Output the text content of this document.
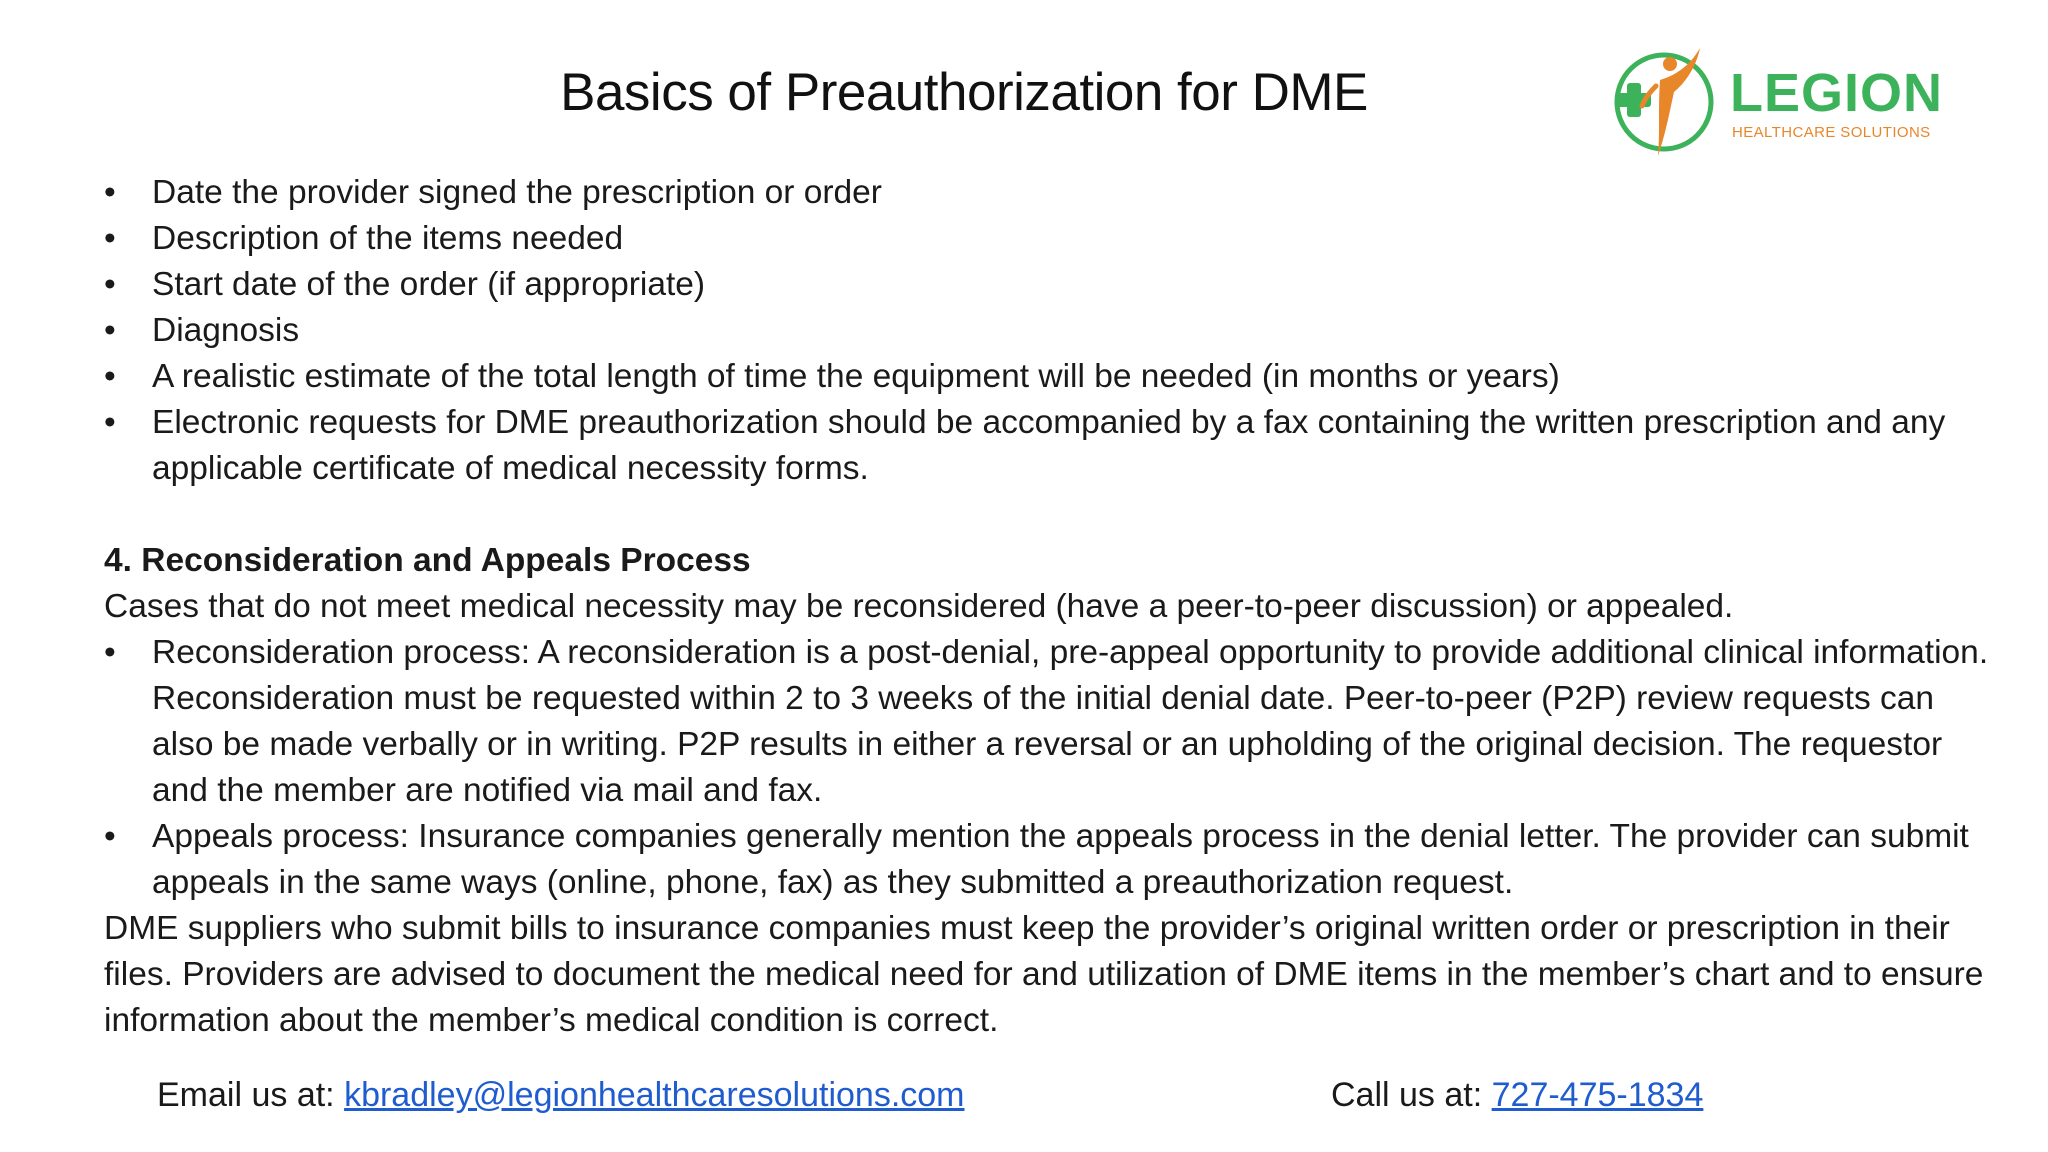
Basics of Preauthorization for DME	LEGION
HEALTHCARE SOLUTIONS
• Date the provider signed the prescription or order
• Description of the items needed
• Start date of the order (if appropriate)
• Diagnosis
• A realistic estimate of the total length of time the equipment will be needed (in months or years)
• Electronic requests for DME preauthorization should be accompanied by a fax containing the written prescription and any applicable certificate of medical necessity forms.
4. Reconsideration and Appeals Process
Cases that do not meet medical necessity may be reconsidered (have a peer-to-peer discussion) or appealed.
• Reconsideration process: A reconsideration is a post-denial, pre-appeal opportunity to provide additional clinical information. Reconsideration must be requested within 2 to 3 weeks of the initial denial date. Peer-to-peer (P2P) review requests can also be made verbally or in writing. P2P results in either a reversal or an upholding of the original decision. The requestor and the member are notified via mail and fax.
• Appeals process: Insurance companies generally mention the appeals process in the denial letter. The provider can submit appeals in the same ways (online, phone, fax) as they submitted a preauthorization request.
DME suppliers who submit bills to insurance companies must keep the provider’s original written order or prescription in their files. Providers are advised to document the medical need for and utilization of DME items in the member’s chart and to ensure information about the member’s medical condition is correct.
Email us at: kbradley@legionhealthcaresolutions.com	Call us at: 727-475-1834
